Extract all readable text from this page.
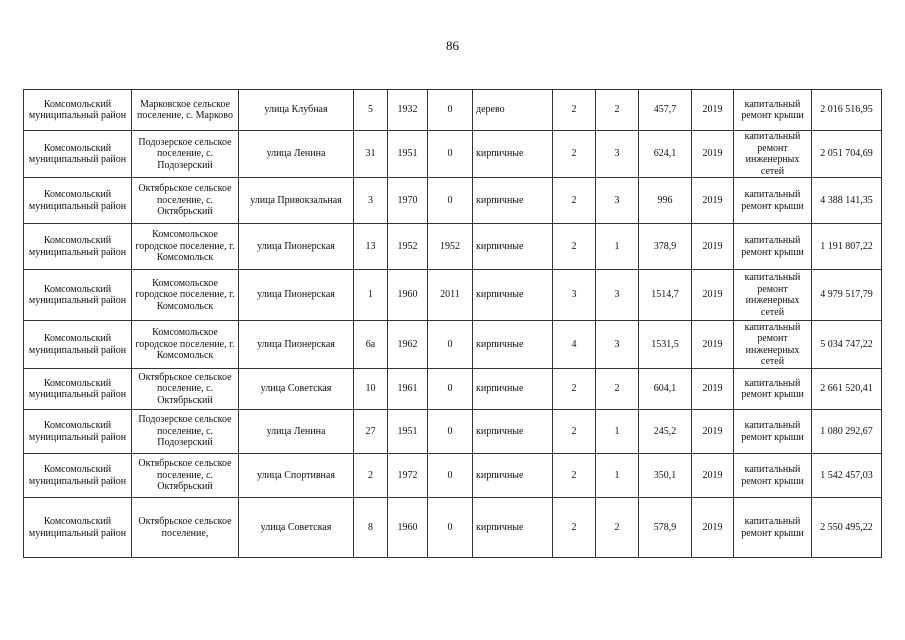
86
Комсомольский муниципальный район	Марковское сельское поселение, с. Марково	улица Клубная	5	1932	0	дерево	2	2	457,7	2019	капитальный ремонт крыши	2 016 516,95
Комсомольский муниципальный район	Подозерское сельское поселение, с. Подозерский	улица Ленина	31	1951	0	кирпичные	2	3	624,1	2019	капитальный ремонт инженерных сетей	2 051 704,69
Комсомольский муниципальный район	Октябрьское сельское поселение, с. Октябрьский	улица Привокзальная	3	1970	0	кирпичные	2	3	996	2019	капитальный ремонт крыши	4 388 141,35
Комсомольский муниципальный район	Комсомольское городское поселение, г. Комсомольск	улица Пионерская	13	1952	1952	кирпичные	2	1	378,9	2019	капитальный ремонт крыши	1 191 807,22
Комсомольский муниципальный район	Комсомольское городское поселение, г. Комсомольск	улица Пионерская	1	1960	2011	кирпичные	3	3	1514,7	2019	капитальный ремонт инженерных сетей	4 979 517,79
Комсомольский муниципальный район	Комсомольское городское поселение, г. Комсомольск	улица Пионерская	6а	1962	0	кирпичные	4	3	1531,5	2019	капитальный ремонт инженерных сетей	5 034 747,22
Комсомольский муниципальный район	Октябрьское сельское поселение, с. Октябрьский	улица Советская	10	1961	0	кирпичные	2	2	604,1	2019	капитальный ремонт крыши	2 661 520,41
Комсомольский муниципальный район	Подозерское сельское поселение, с. Подозерский	улица Ленина	27	1951	0	кирпичные	2	1	245,2	2019	капитальный ремонт крыши	1 080 292,67
Комсомольский муниципальный район	Октябрьское сельское поселение, с. Октябрьский	улица Спортивная	2	1972	0	кирпичные	2	1	350,1	2019	капитальный ремонт крыши	1 542 457,03
Комсомольский муниципальный район	Октябрьское сельское поселение,	улица Советская	8	1960	0	кирпичные	2	2	578,9	2019	капитальный ремонт крыши	2 550 495,22
